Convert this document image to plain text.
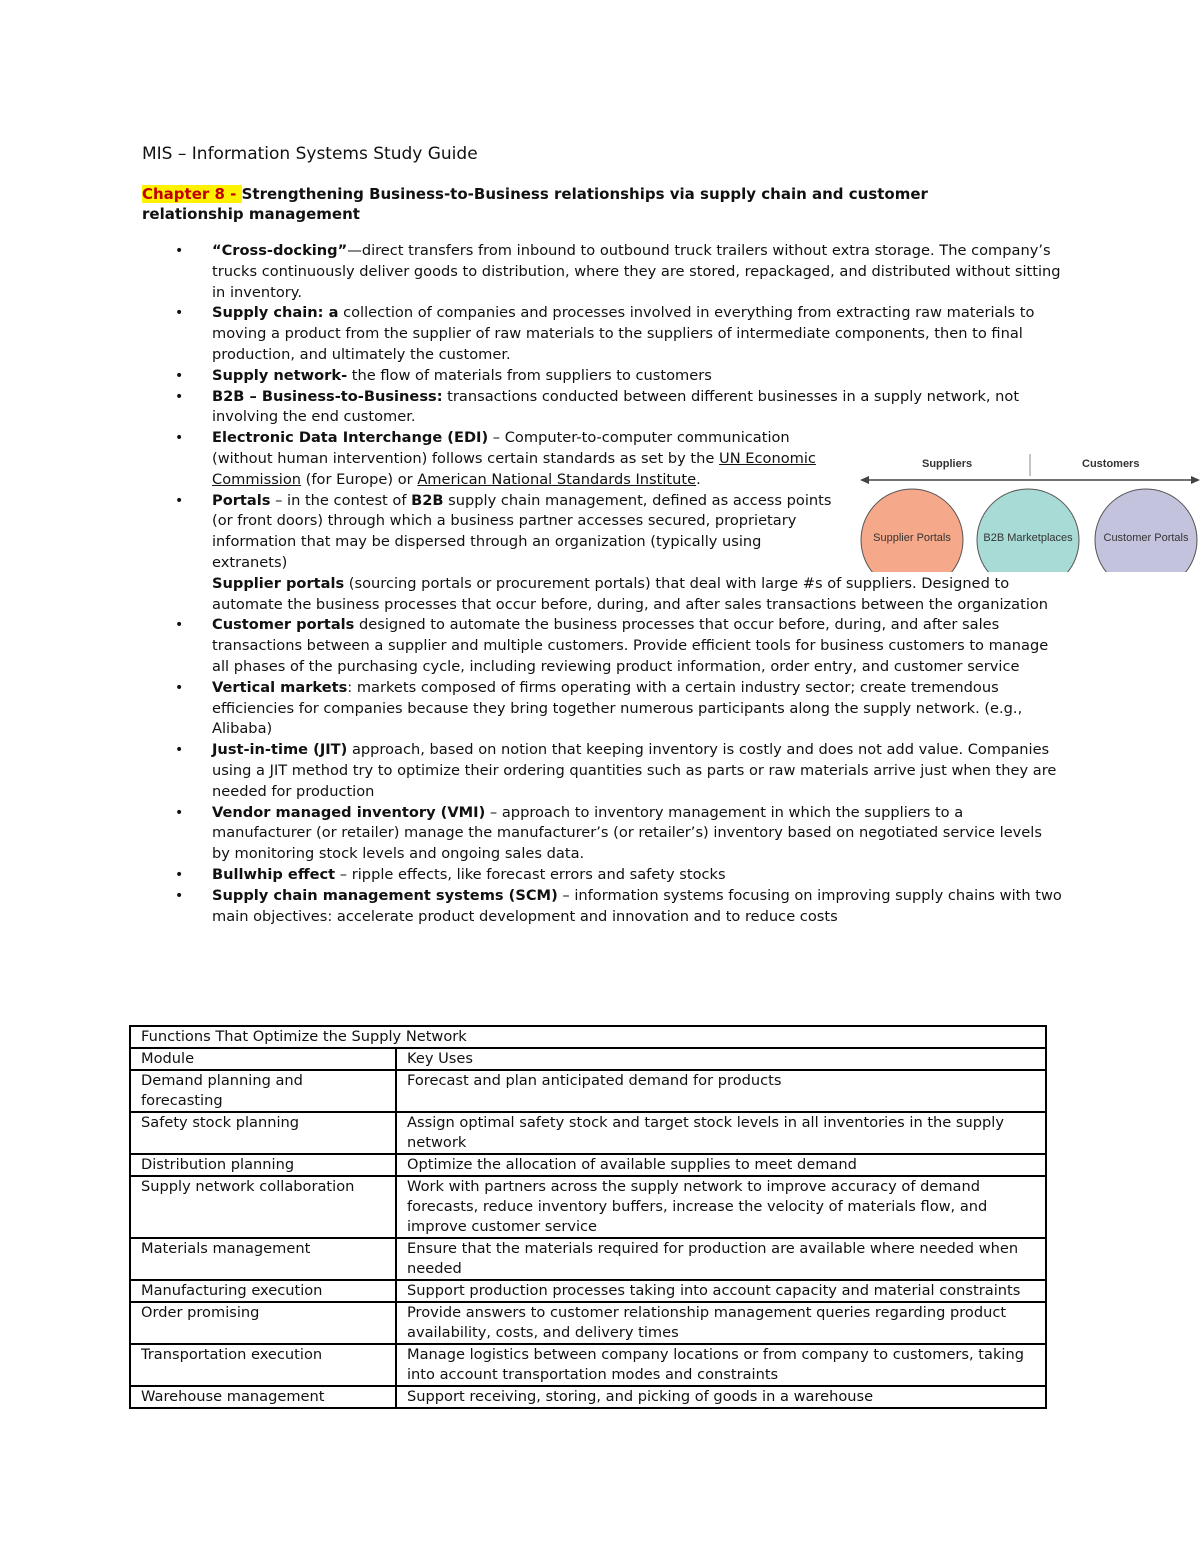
MIS – Information Systems Study Guide

Chapter 8 - Strengthening Business-to-Business relationships via supply chain and customer relationship management

• “Cross-docking”—direct transfers from inbound to outbound truck trailers without extra storage. The company’s trucks continuously deliver goods to distribution, where they are stored, repackaged, and distributed without sitting in inventory.
• Supply chain: a collection of companies and processes involved in everything from extracting raw materials to moving a product from the supplier of raw materials to the suppliers of intermediate components, then to final production, and ultimately the customer.
• Supply network- the flow of materials from suppliers to customers
• B2B – Business-to-Business: transactions conducted between different businesses in a supply network, not involving the end customer.
• Electronic Data Interchange (EDI) – Computer-to-computer communication (without human intervention) follows certain standards as set by the UN Economic Commission (for Europe) or American National Standards Institute.
• Portals – in the contest of B2B supply chain management, defined as access points (or front doors) through which a business partner accesses secured, proprietary information that may be dispersed through an organization (typically using extranets)
Supplier portals (sourcing portals or procurement portals) that deal with large #s of suppliers. Designed to automate the business processes that occur before, during, and after sales transactions between the organization
• Customer portals designed to automate the business processes that occur before, during, and after sales transactions between a supplier and multiple customers. Provide efficient tools for business customers to manage all phases of the purchasing cycle, including reviewing product information, order entry, and customer service
• Vertical markets: markets composed of firms operating with a certain industry sector; create tremendous efficiencies for companies because they bring together numerous participants along the supply network. (e.g., Alibaba)
• Just-in-time (JIT) approach, based on notion that keeping inventory is costly and does not add value. Companies using a JIT method try to optimize their ordering quantities such as parts or raw materials arrive just when they are needed for production
• Vendor managed inventory (VMI) – approach to inventory management in which the suppliers to a manufacturer (or retailer) manage the manufacturer’s (or retailer’s) inventory based on negotiated service levels by monitoring stock levels and ongoing sales data.
• Bullwhip effect – ripple effects, like forecast errors and safety stocks
• Supply chain management systems (SCM) – information systems focusing on improving supply chains with two main objectives: accelerate product development and innovation and to reduce costs
Suppliers	Customers
Supplier Portals	B2B Marketplaces	Customer Portals
Functions That Optimize the Supply Network	
Module	Key Uses
Demand planning and forecasting	Forecast and plan anticipated demand for products
Safety stock planning	Assign optimal safety stock and target stock levels in all inventories in the supply network
Distribution planning	Optimize the allocation of available supplies to meet demand
Supply network collaboration	Work with partners across the supply network to improve accuracy of demand forecasts, reduce inventory buffers, increase the velocity of materials flow, and improve customer service
Materials management	Ensure that the materials required for production are available where needed when needed
Manufacturing execution	Support production processes taking into account capacity and material constraints
Order promising	Provide answers to customer relationship management queries regarding product availability, costs, and delivery times
Transportation execution	Manage logistics between company locations or from company to customers, taking into account transportation modes and constraints
Warehouse management	Support receiving, storing, and picking of goods in a warehouse
